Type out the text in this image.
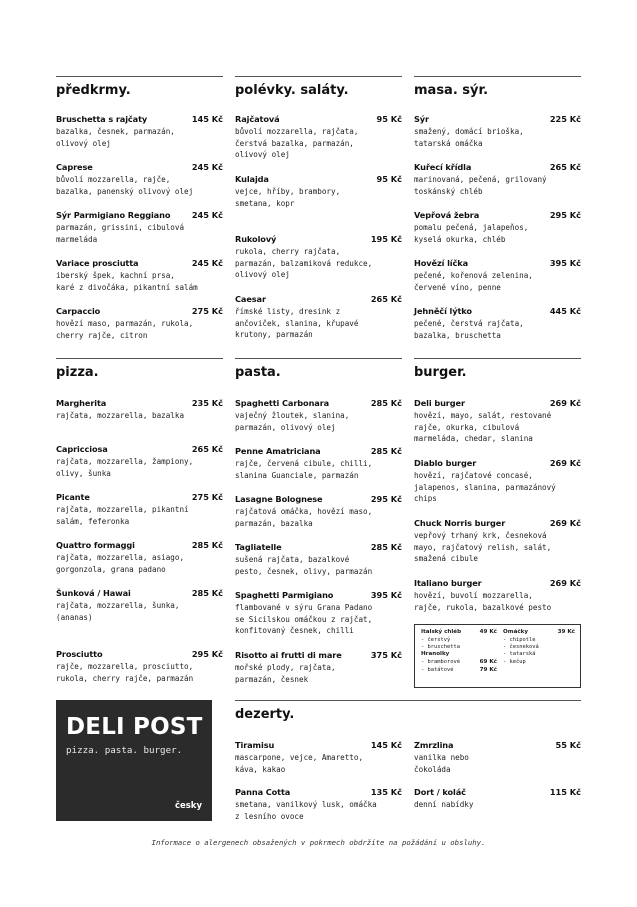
předkrmy.
Bruschetta s rajčaty	145 Kč
bazalka, česnek, parmazán,
olivový olej
Caprese	245 Kč
bůvolí mozzarella, rajče,
bazalka, panenský olivový olej
Sýr Parmigiano Reggiano	245 Kč
parmazán, grissini, cibulová
marmeláda
Variace prosciutta	245 Kč
iberský špek, kachní prsa,
karé z divočáka, pikantní salám
Carpaccio	275 Kč
hovězí maso, parmazán, rukola,
cherry rajče, citron
polévky. saláty.
Rajčatová	95 Kč
bůvolí mozzarella, rajčata,
čerstvá bazalka, parmazán,
olivový olej
Kulajda	95 Kč
vejce, hříby, brambory,
smetana, kopr
Rukolový	195 Kč
rukola, cherry rajčata,
parmazán, balzamiková redukce,
olivový olej
Caesar	265 Kč
římské listy, dresink z
ančoviček, slanina, křupavé
krutony, parmazán
masa. sýr.
Sýr	225 Kč
smažený, domácí brioška,
tatarská omáčka
Kuřecí křídla	265 Kč
marinovaná, pečená, grilovaný
toskánský chléb
Vepřová žebra	295 Kč
pomalu pečená, jalapeňos,
kyselá okurka, chléb
Hovězí líčka	395 Kč
pečené, kořenová zelenina,
červené víno, penne
Jehněčí lýtko	445 Kč
pečené, čerstvá rajčata,
bazalka, bruschetta
pizza.
Margherita	235 Kč
rajčata, mozzarella, bazalka
Capricciosa	265 Kč
rajčata, mozzarella, žampiony,
olivy, šunka
Picante	275 Kč
rajčata, mozzarella, pikantní
salám, feferonka
Quattro formaggi	285 Kč
rajčata, mozzarella, asiago,
gorgonzola, grana padano
Šunková / Hawai	285 Kč
rajčata, mozzarella, šunka,
(ananas)
Prosciutto	295 Kč
rajče, mozzarella, prosciutto,
rukola, cherry rajče, parmazán
pasta.
Spaghetti Carbonara	285 Kč
vaječný žloutek, slanina,
parmazán, olivový olej
Penne Amatriciana	285 Kč
rajče, červená cibule, chilli,
slanina Guanciale, parmazán
Lasagne Bolognese	295 Kč
rajčatová omáčka, hovězí maso,
parmazán, bazalka
Tagliatelle	285 Kč
sušená rajčata, bazalkové
pesto, česnek, olivy, parmazán
Spaghetti Parmigiano	395 Kč
flambované v sýru Grana Padano
se Sicilskou omáčkou z rajčat,
konfitovaný česnek, chilli
Risotto ai frutti di mare	375 Kč
mořské plody, rajčata,
parmazán, česnek
burger.
Deli burger	269 Kč
hovězí, mayo, salát, restované
rajče, okurka, cibulová
marmeláda, chedar, slanina
Diablo burger	269 Kč
hovězí, rajčatové concasé,
jalapenos, slanina, parmazánový
chips
Chuck Norris burger	269 Kč
vepřový trhaný krk, česneková
mayo, rajčatový relish, salát,
smažená cibule
Italiano burger	269 Kč
hovězí, buvolí mozzarella,
rajče, rukola, bazalkové pesto
Italský chléb	49 Kč
- čerstvý
- bruschetta
Hranolky
- bramborové	69 Kč
- batátové	79 Kč
Omáčky	39 Kč
- chipotle
- česneková
- tatarská
- kečup
DELI POST
pizza. pasta. burger.
česky
dezerty.
Tiramisu	145 Kč
mascarpone, vejce, Amaretto,
káva, kakao
Panna Cotta	135 Kč
smetana, vanilkový lusk, omáčka
z lesního ovoce
Zmrzlina	55 Kč
vanilka nebo
čokoláda
Dort / koláč	115 Kč
denní nabídky
Informace o alergenech obsažených v pokrmech obdržíte na požádání u obsluhy.
